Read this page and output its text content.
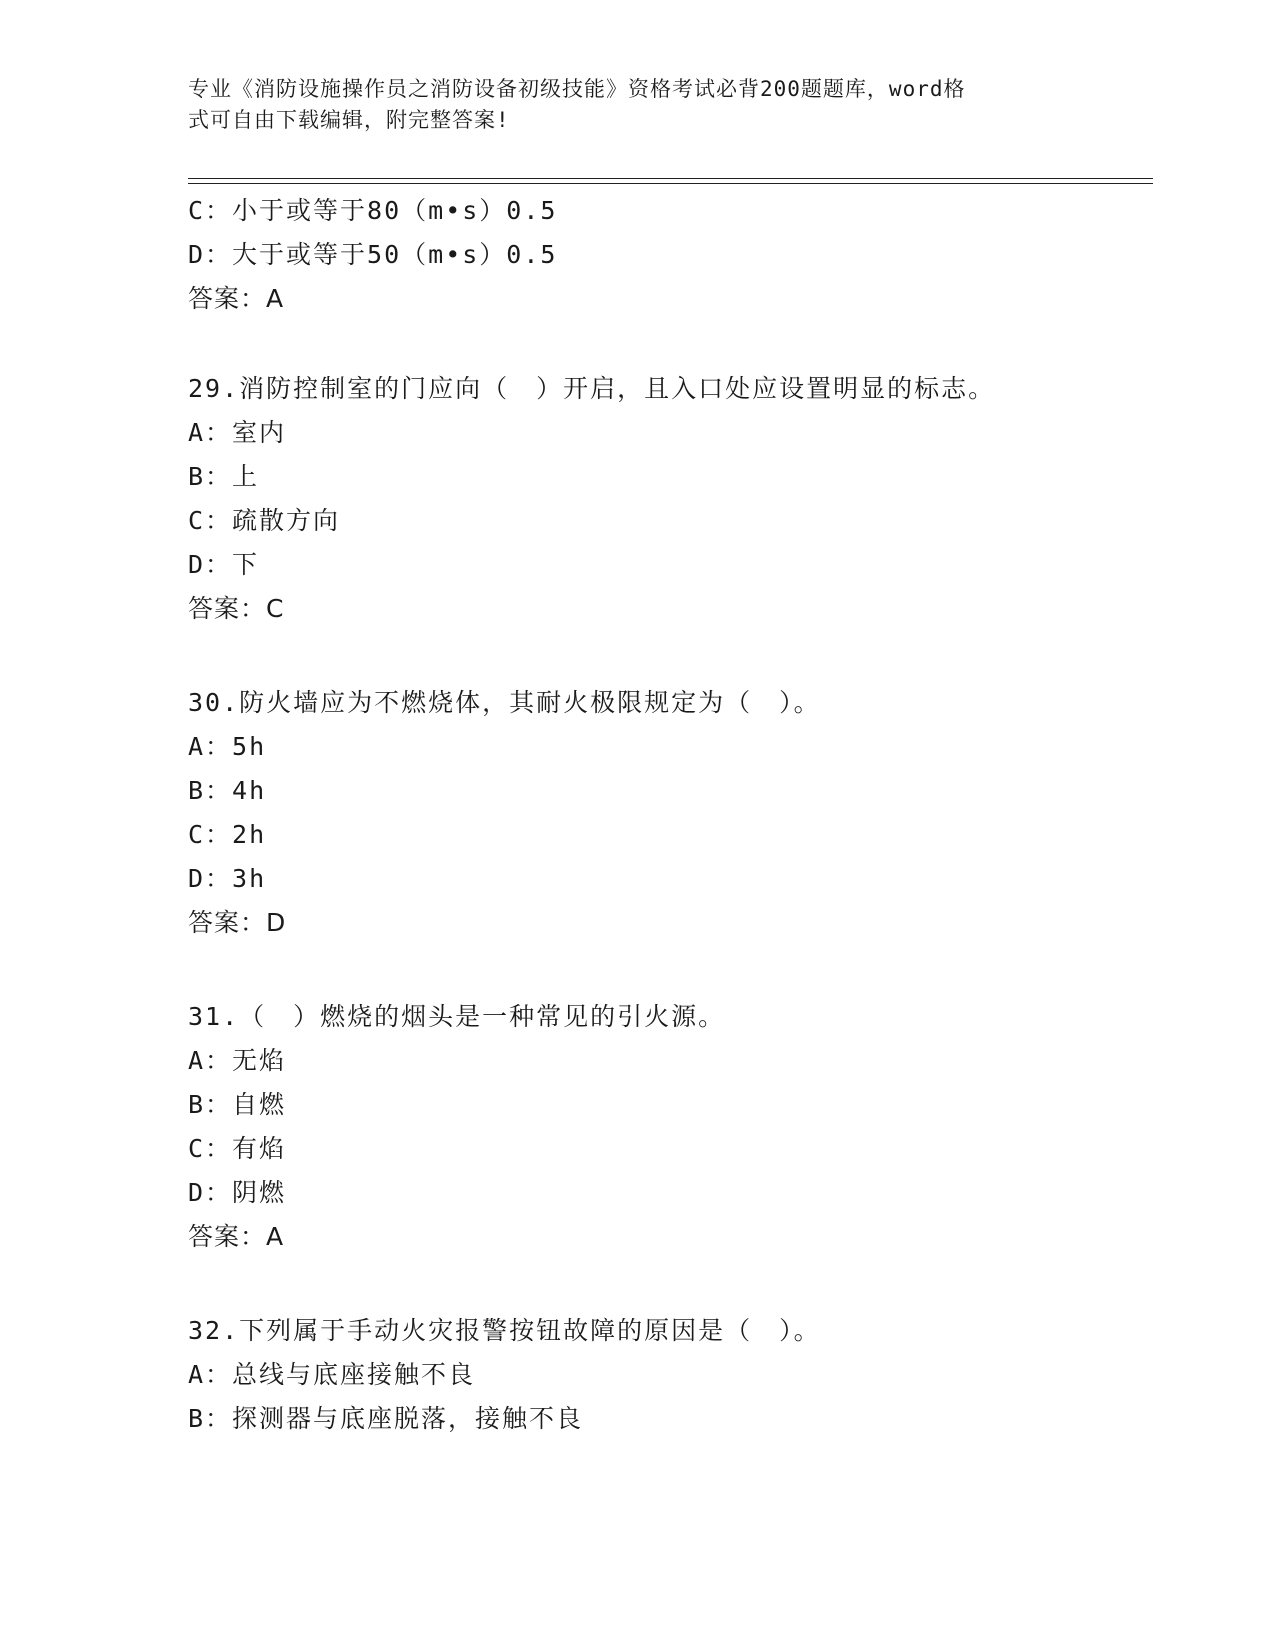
专业《消防设施操作员之消防设备初级技能》资格考试必背200题题库，word格
式可自由下载编辑，附完整答案!
C：小于或等于80（m•s）0.5
D：大于或等于50（m•s）0.5
答案：A
29.消防控制室的门应向（　）开启，且入口处应设置明显的标志。
A：室内
B：上
C：疏散方向
D：下
答案：C
30.防火墙应为不燃烧体，其耐火极限规定为（　）。
A：5h
B：4h
C：2h
D：3h
答案：D
31.（　）燃烧的烟头是一种常见的引火源。
A：无焰
B：自燃
C：有焰
D：阴燃
答案：A
32.下列属于手动火灾报警按钮故障的原因是（　）。
A：总线与底座接触不良
B：探测器与底座脱落，接触不良
